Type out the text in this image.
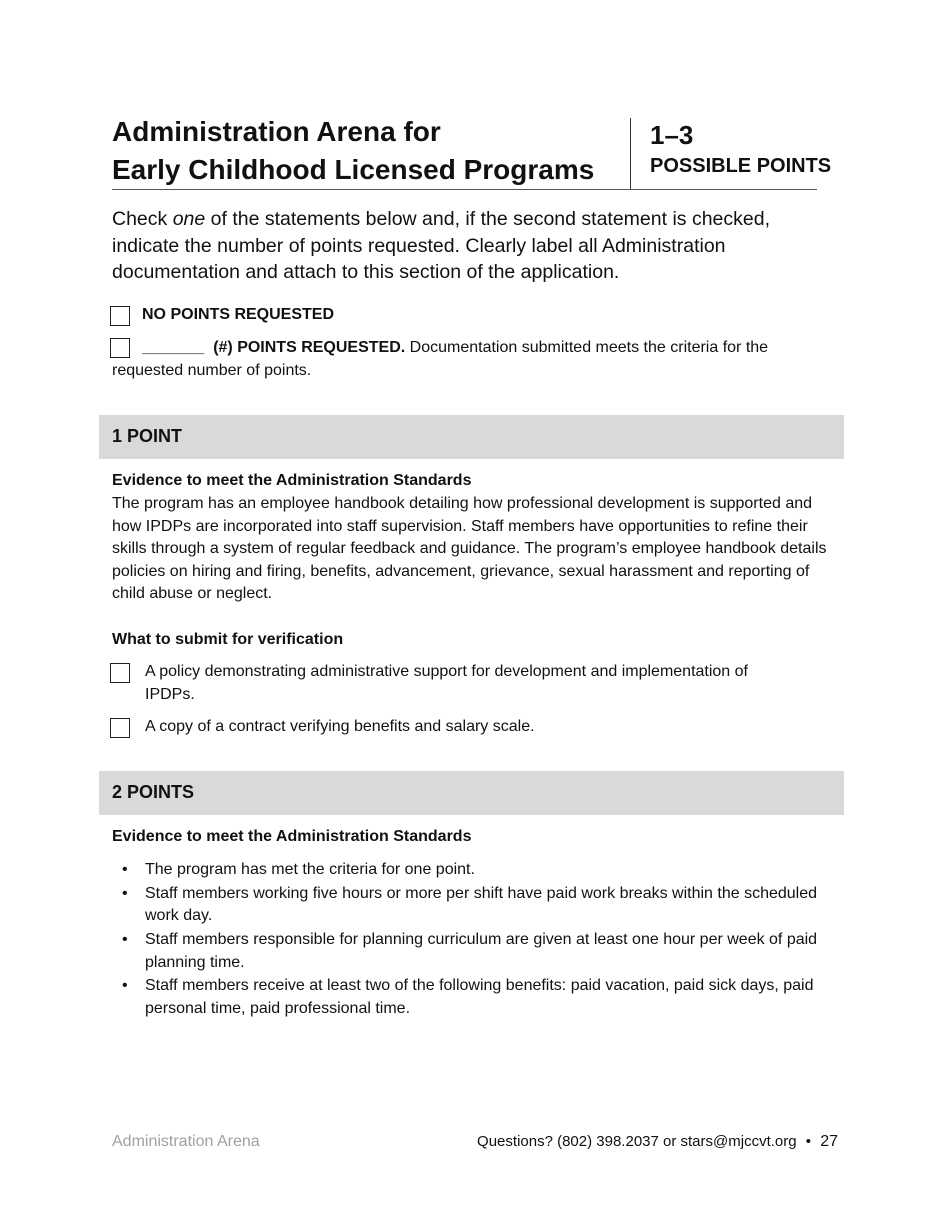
Administration Arena for
Early Childhood Licensed Programs
1–3
POSSIBLE POINTS
Check one of the statements below and, if the second statement is checked, indicate the number of points requested. Clearly label all Administration documentation and attach to this section of the application.
NO POINTS REQUESTED
_______ (#) POINTS REQUESTED. Documentation submitted meets the criteria for the
requested number of points.
1 POINT
Evidence to meet the Administration Standards
The program has an employee handbook detailing how professional development is supported and how IPDPs are incorporated into staff supervision. Staff members have opportunities to refine their skills through a system of regular feedback and guidance. The program’s employee handbook details policies on hiring and firing, benefits, advancement, grievance, sexual harassment and reporting of child abuse or neglect.
What to submit for verification
A policy demonstrating administrative support for development and implementation of IPDPs.
A copy of a contract verifying benefits and salary scale.
2 POINTS
Evidence to meet the Administration Standards
• The program has met the criteria for one point.
• Staff members working five hours or more per shift have paid work breaks within the scheduled work day.
• Staff members responsible for planning curriculum are given at least one hour per week of paid planning time.
• Staff members receive at least two of the following benefits: paid vacation, paid sick days, paid personal time, paid professional time.
Administration Arena	Questions? (802) 398.2037 or stars@mjccvt.org • 27
